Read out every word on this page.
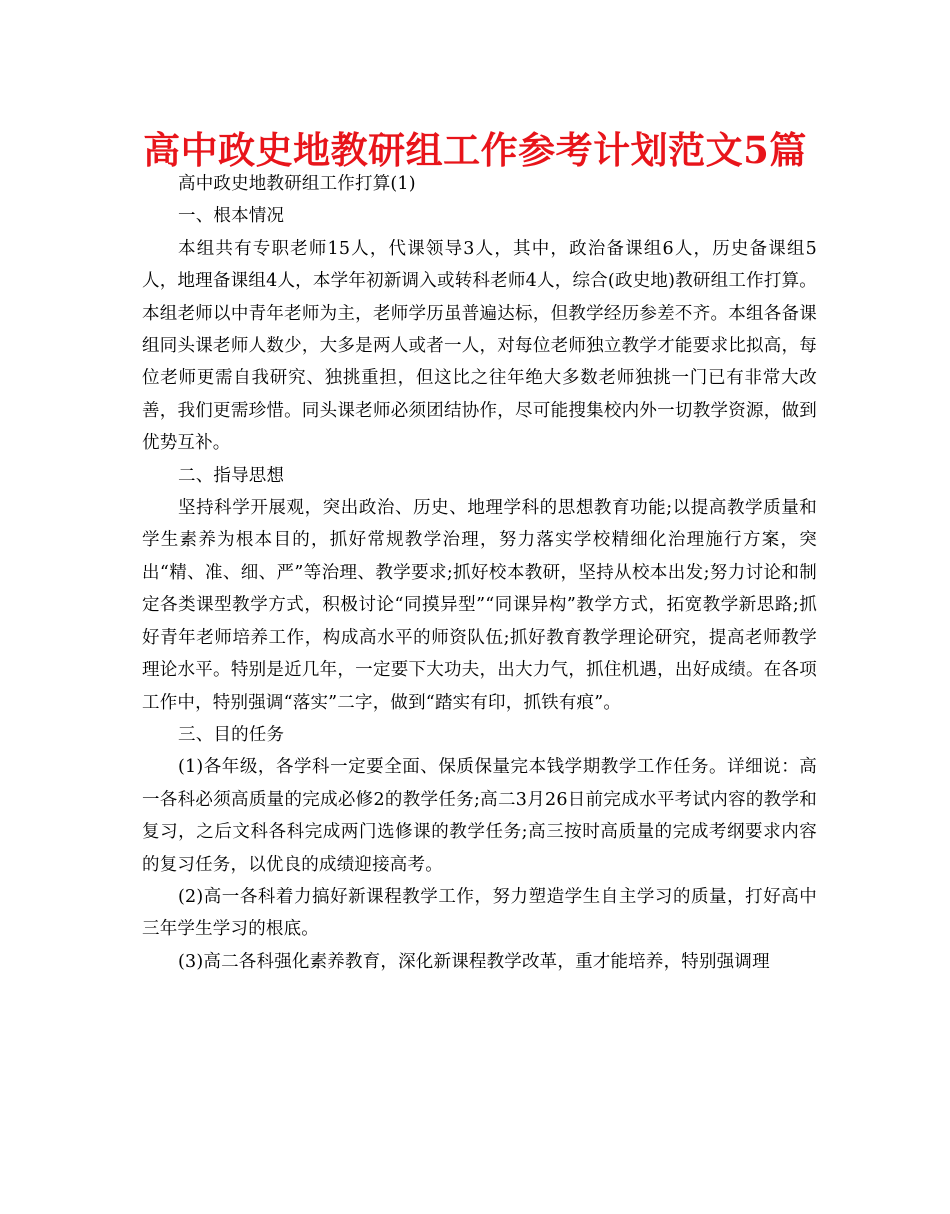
高中政史地教研组工作参考计划范文5篇

高中政史地教研组工作打算(1)

一、根本情况

本组共有专职老师15人，代课领导3人，其中，政治备课组6人，历史备课组5人，地理备课组4人，本学年初新调入或转科老师4人，综合(政史地)教研组工作打算。本组老师以中青年老师为主，老师学历虽普遍达标，但教学经历参差不齐。本组各备课组同头课老师人数少，大多是两人或者一人，对每位老师独立教学才能要求比拟高，每位老师更需自我研究、独挑重担，但这比之往年绝大多数老师独挑一门已有非常大改善，我们更需珍惜。同头课老师必须团结协作，尽可能搜集校内外一切教学资源，做到优势互补。

二、指导思想

坚持科学开展观，突出政治、历史、地理学科的思想教育功能;以提高教学质量和学生素养为根本目的，抓好常规教学治理，努力落实学校精细化治理施行方案，突出“精、准、细、严”等治理、教学要求;抓好校本教研，坚持从校本出发;努力讨论和制定各类课型教学方式，积极讨论“同摸异型”“同课异构”教学方式，拓宽教学新思路;抓好青年老师培养工作，构成高水平的师资队伍;抓好教育教学理论研究，提高老师教学理论水平。特别是近几年，一定要下大功夫，出大力气，抓住机遇，出好成绩。在各项工作中，特别强调“落实”二字，做到“踏实有印，抓铁有痕”。

三、目的任务

(1)各年级，各学科一定要全面、保质保量完本钱学期教学工作任务。详细说：高一各科必须高质量的完成必修2的教学任务;高二3月26日前完成水平考试内容的教学和复习，之后文科各科完成两门选修课的教学任务;高三按时高质量的完成考纲要求内容的复习任务，以优良的成绩迎接高考。

(2)高一各科着力搞好新课程教学工作，努力塑造学生自主学习的质量，打好高中三年学生学习的根底。

(3)高二各科强化素养教育，深化新课程教学改革，重才能培养，特别强调理
